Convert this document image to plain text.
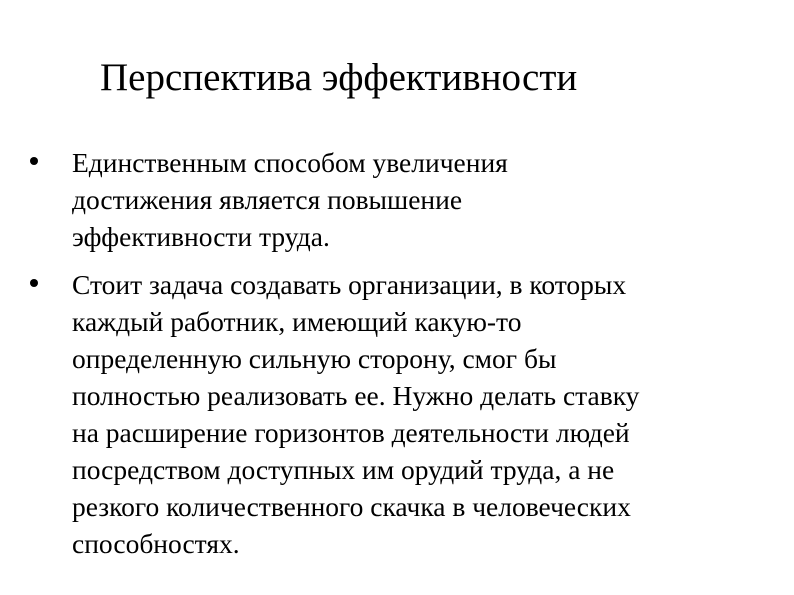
Перспектива эффективности
Единственным способом увеличения
достижения является повышение
эффективности труда.
Стоит задача создавать организации, в которых
каждый работник, имеющий какую-то
определенную сильную сторону, смог бы
полностью реализовать ее. Нужно делать ставку
на расширение горизонтов деятельности людей
посредством доступных им орудий труда, а не
резкого количественного скачка в человеческих
способностях.
